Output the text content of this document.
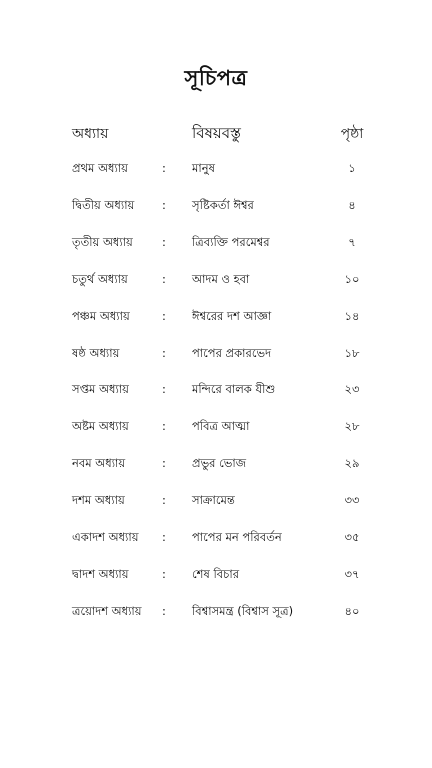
সূচিপত্র
অধ্যায়	বিষয়বস্তু	পৃষ্ঠা
প্রথম অধ্যায়	: মানুষ	১
দ্বিতীয় অধ্যায় : সৃষ্টিকর্তা ঈশ্বর	৪
তৃতীয় অধ্যায়	: ত্রিব্যক্তি পরমেশ্বর	৭
চতুর্থ অধ্যায়	: আদম ও হবা	১০
পঞ্চম অধ্যায়	: ঈশ্বরের দশ আজ্ঞা	১৪
ষষ্ঠ অধ্যায়	: পাপের প্রকারভেদ	১৮
সপ্তম অধ্যায়	: মন্দিরে বালক যীশু	২৩
অষ্টম অধ্যায়	: পবিত্র আত্মা	২৮
নবম অধ্যায়	: প্রভুর ভোজ	২৯
দশম অধ্যায়	: সাক্রামেন্ত	৩৩
একাদশ অধ্যায় : পাপের মন পরিবর্তন	৩৫
দ্বাদশ অধ্যায়	: শেষ বিচার	৩৭
ত্রয়োদশ অধ্যায় : বিশ্বাসমন্ত্র (বিশ্বাস সূত্র)	৪০
